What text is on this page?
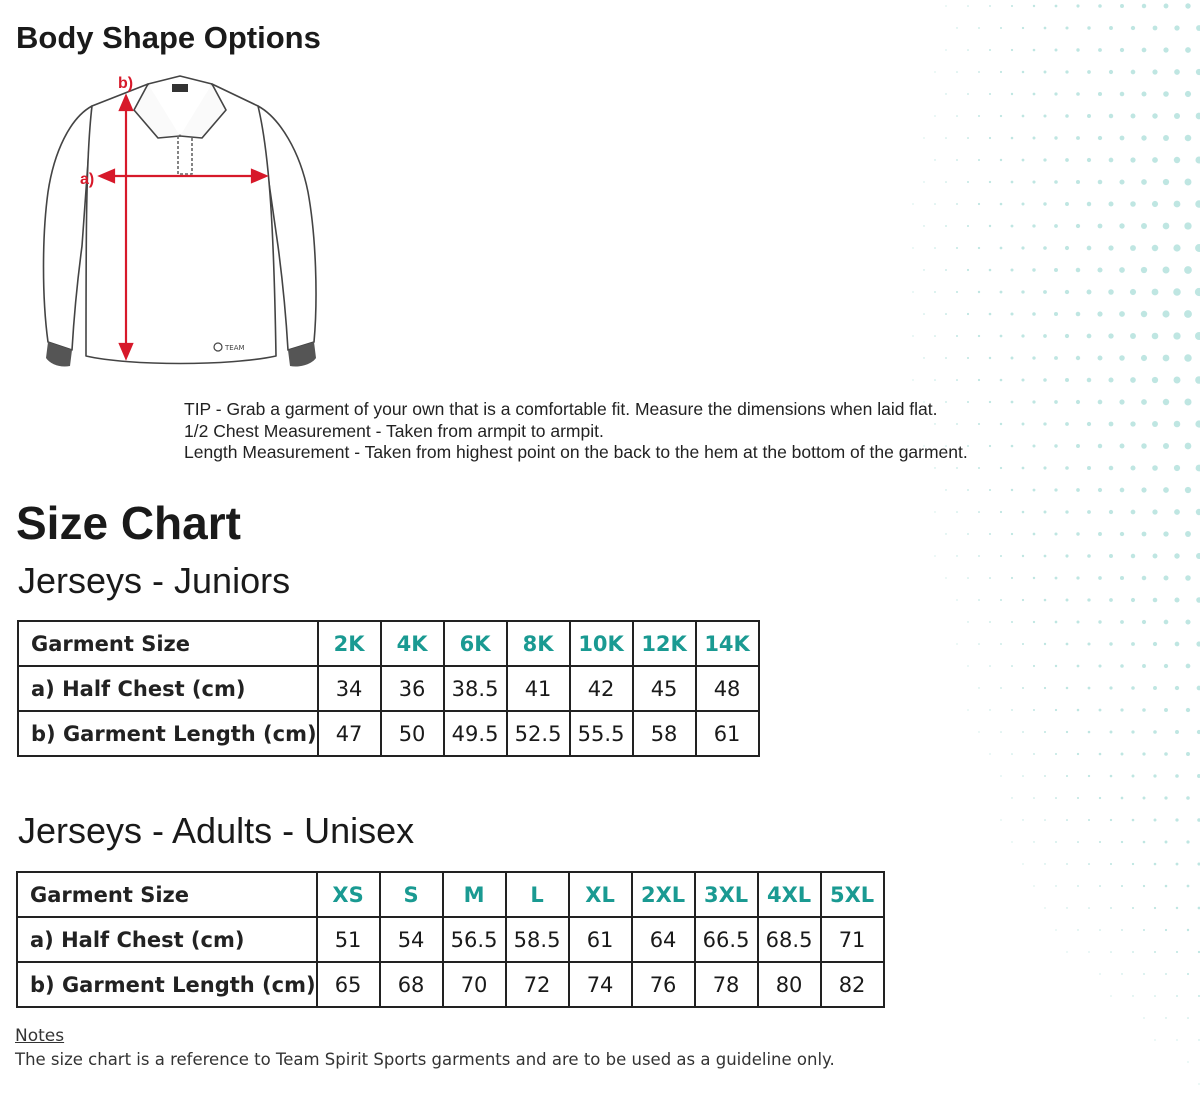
Body Shape Options
TEAM
b)
a)
TIP - Grab a garment of your own that is a comfortable fit. Measure the dimensions when laid flat.
1/2 Chest Measurement - Taken from armpit to armpit.
Length Measurement - Taken from highest point on the back to the hem at the bottom of the garment.
Size Chart
Jerseys - Juniors
Garment Size	2K	4K	6K	8K	10K	12K	14K
a) Half Chest (cm)	34	36	38.5	41	42	45	48
b) Garment Length (cm)	47	50	49.5	52.5	55.5	58	61
Jerseys - Adults - Unisex
Garment Size	XS	S	M	L	XL	2XL	3XL	4XL	5XL
a) Half Chest (cm)	51	54	56.5	58.5	61	64	66.5	68.5	71
b) Garment Length (cm)	65	68	70	72	74	76	78	80	82
Notes
The size chart is a reference to Team Spirit Sports garments and are to be used as a guideline only.
